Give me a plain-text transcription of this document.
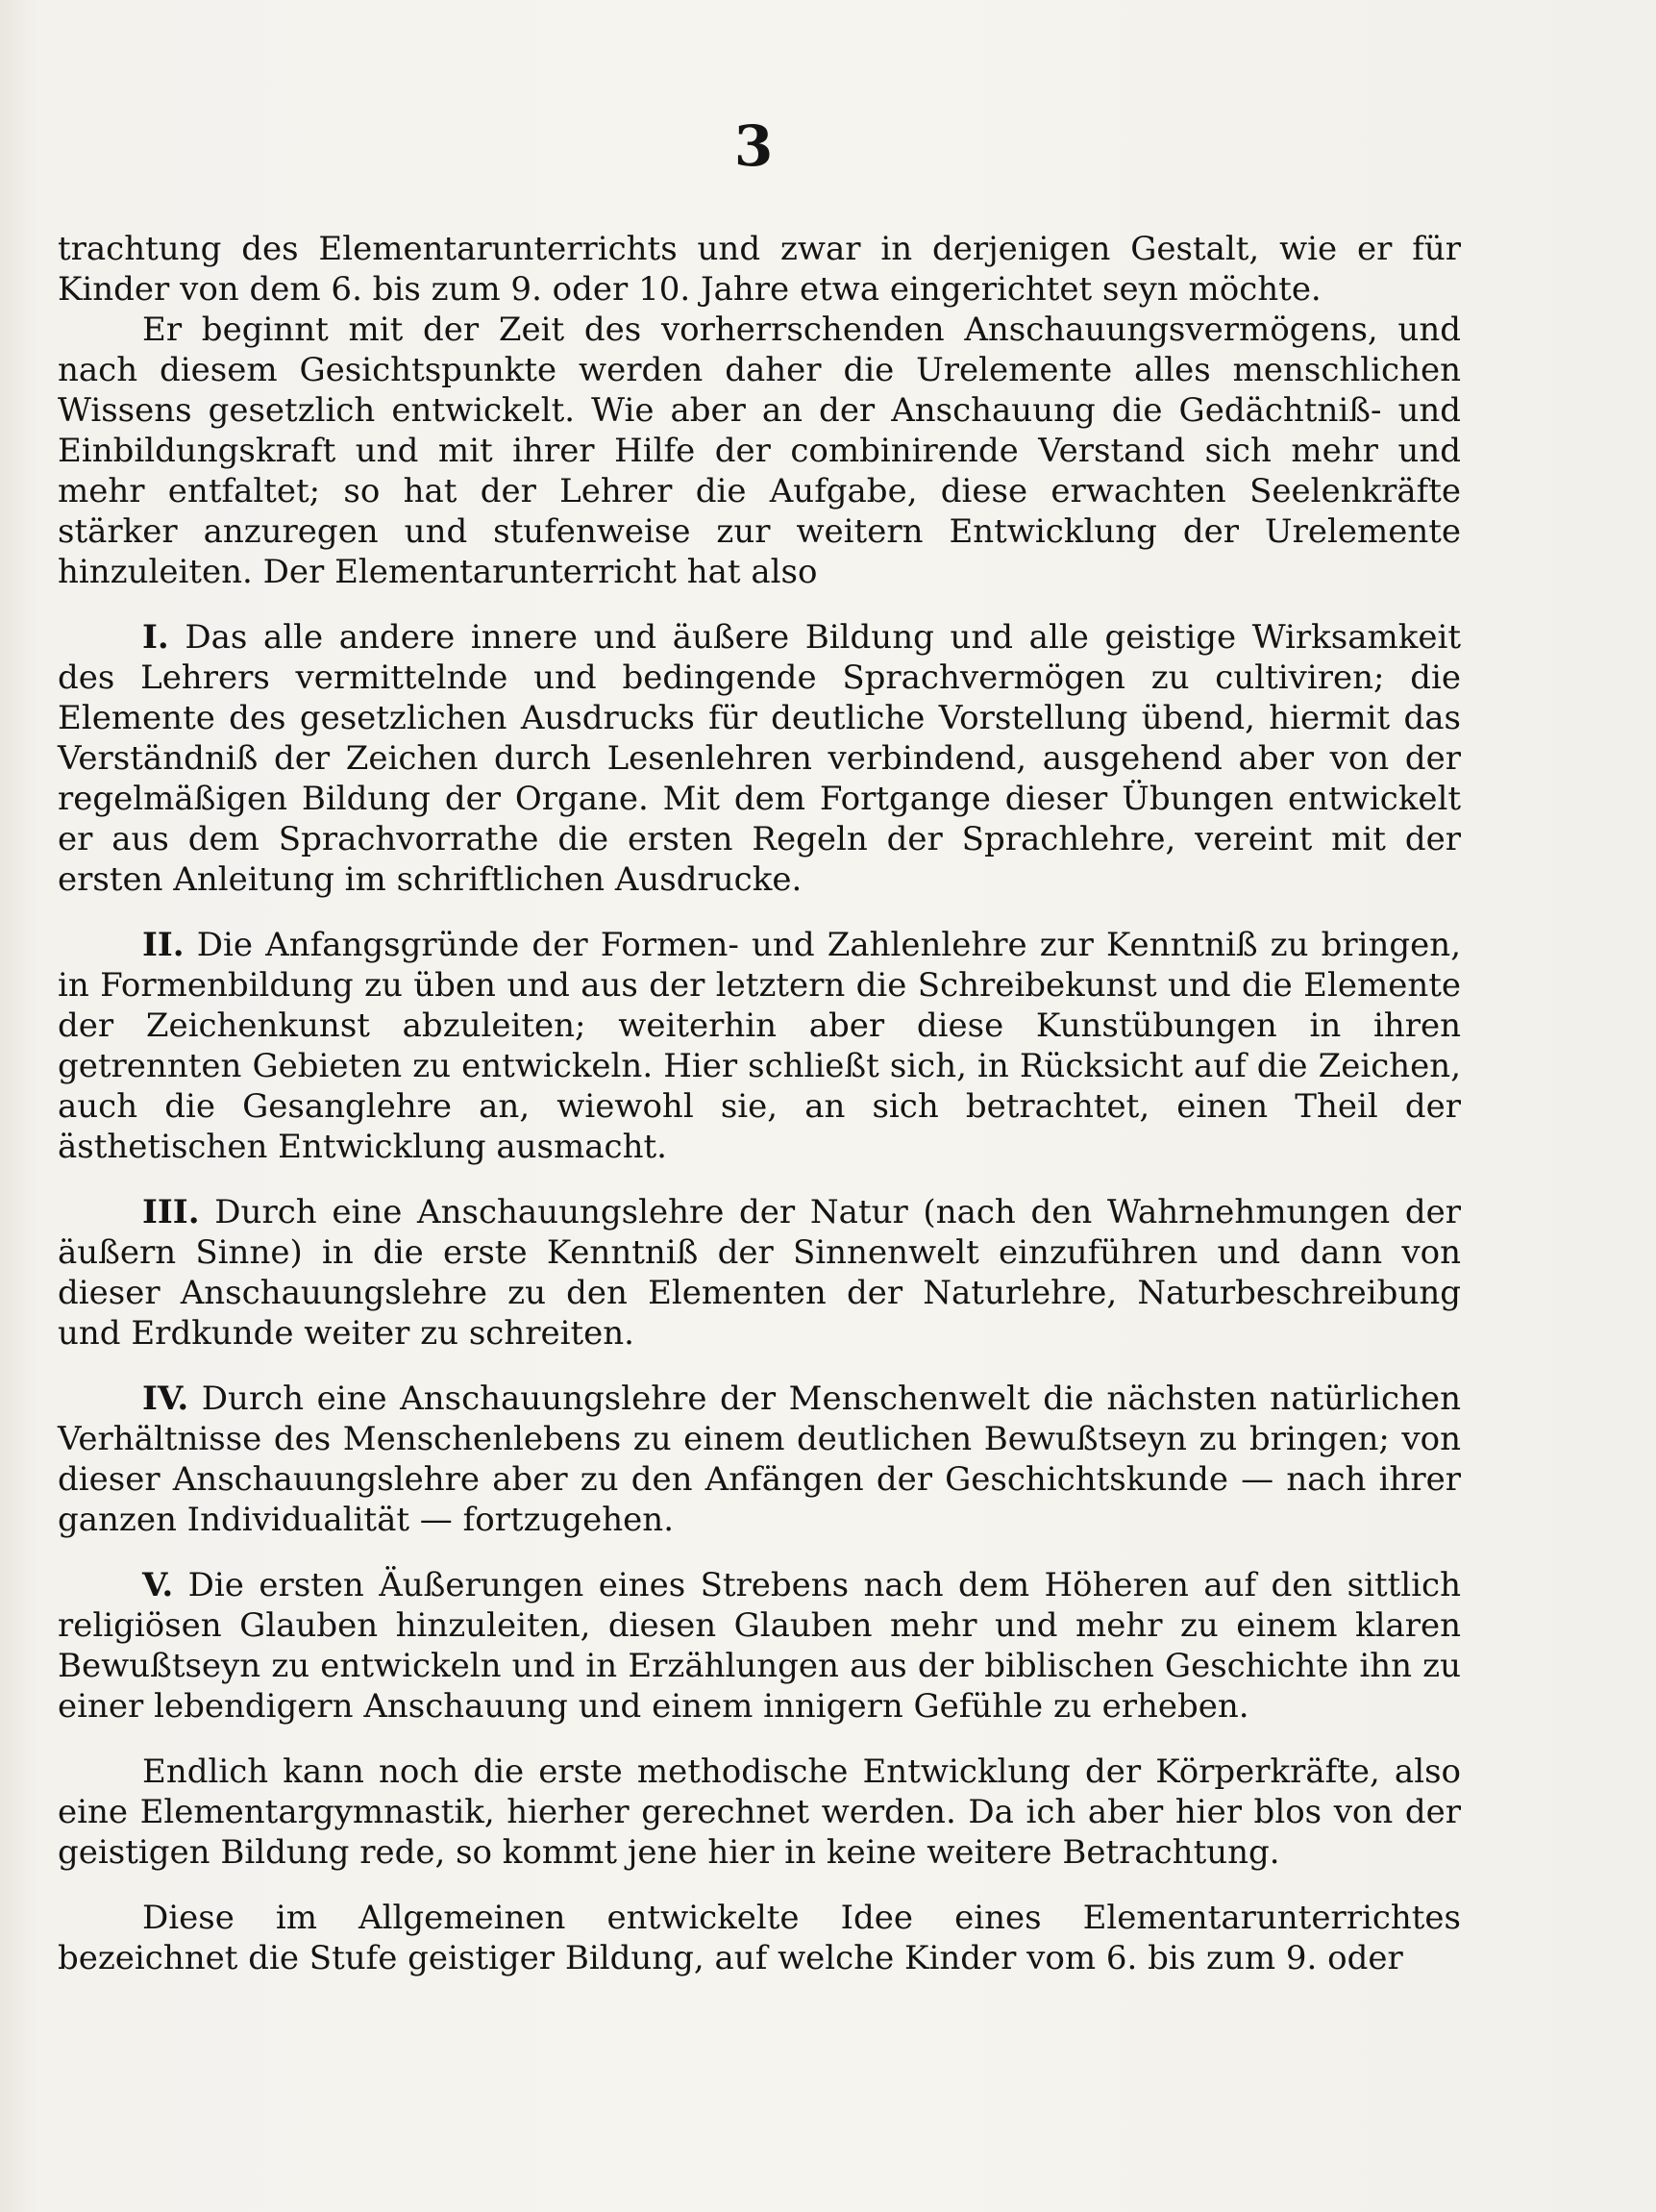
3

trachtung des Elementarunterrichts und zwar in derjenigen Gestalt, wie er für Kinder von dem 6. bis zum 9. oder 10. Jahre etwa eingerichtet seyn möchte.

Er beginnt mit der Zeit des vorherrschenden Anschauungsvermögens, und nach diesem Gesichtspunkte werden daher die Urelemente alles menschlichen Wissens gesetzlich entwickelt. Wie aber an der Anschauung die Gedächtniß- und Einbildungskraft und mit ihrer Hilfe der combinirende Verstand sich mehr und mehr entfaltet; so hat der Lehrer die Aufgabe, diese erwachten Seelenkräfte stärker anzuregen und stufenweise zur weitern Entwicklung der Urelemente hinzuleiten. Der Elementarunterricht hat also

I. Das alle andere innere und äußere Bildung und alle geistige Wirksamkeit des Lehrers vermittelnde und bedingende Sprachvermögen zu cultiviren; die Elemente des gesetzlichen Ausdrucks für deutliche Vorstellung übend, hiermit das Verständniß der Zeichen durch Lesenlehren verbindend, ausgehend aber von der regelmäßigen Bildung der Organe. Mit dem Fortgange dieser Übungen entwickelt er aus dem Sprachvorrathe die ersten Regeln der Sprachlehre, vereint mit der ersten Anleitung im schriftlichen Ausdrucke.

II. Die Anfangsgründe der Formen- und Zahlenlehre zur Kenntniß zu bringen, in Formenbildung zu üben und aus der letztern die Schreibekunst und die Elemente der Zeichenkunst abzuleiten; weiterhin aber diese Kunstübungen in ihren getrennten Gebieten zu entwickeln. Hier schließt sich, in Rücksicht auf die Zeichen, auch die Gesanglehre an, wiewohl sie, an sich betrachtet, einen Theil der ästhetischen Entwicklung ausmacht.

III. Durch eine Anschauungslehre der Natur (nach den Wahrnehmungen der äußern Sinne) in die erste Kenntniß der Sinnenwelt einzuführen und dann von dieser Anschauungslehre zu den Elementen der Naturlehre, Naturbeschreibung und Erdkunde weiter zu schreiten.

IV. Durch eine Anschauungslehre der Menschenwelt die nächsten natürlichen Verhältnisse des Menschenlebens zu einem deutlichen Bewußtseyn zu bringen; von dieser Anschauungslehre aber zu den Anfängen der Geschichtskunde — nach ihrer ganzen Individualität — fortzugehen.

V. Die ersten Äußerungen eines Strebens nach dem Höheren auf den sittlich religiösen Glauben hinzuleiten, diesen Glauben mehr und mehr zu einem klaren Bewußtseyn zu entwickeln und in Erzählungen aus der biblischen Geschichte ihn zu einer lebendigern Anschauung und einem innigern Gefühle zu erheben.

Endlich kann noch die erste methodische Entwicklung der Körperkräfte, also eine Elementargymnastik, hierher gerechnet werden. Da ich aber hier blos von der geistigen Bildung rede, so kommt jene hier in keine weitere Betrachtung.

Diese im Allgemeinen entwickelte Idee eines Elementarunterrichtes bezeichnet die Stufe geistiger Bildung, auf welche Kinder vom 6. bis zum 9. oder
